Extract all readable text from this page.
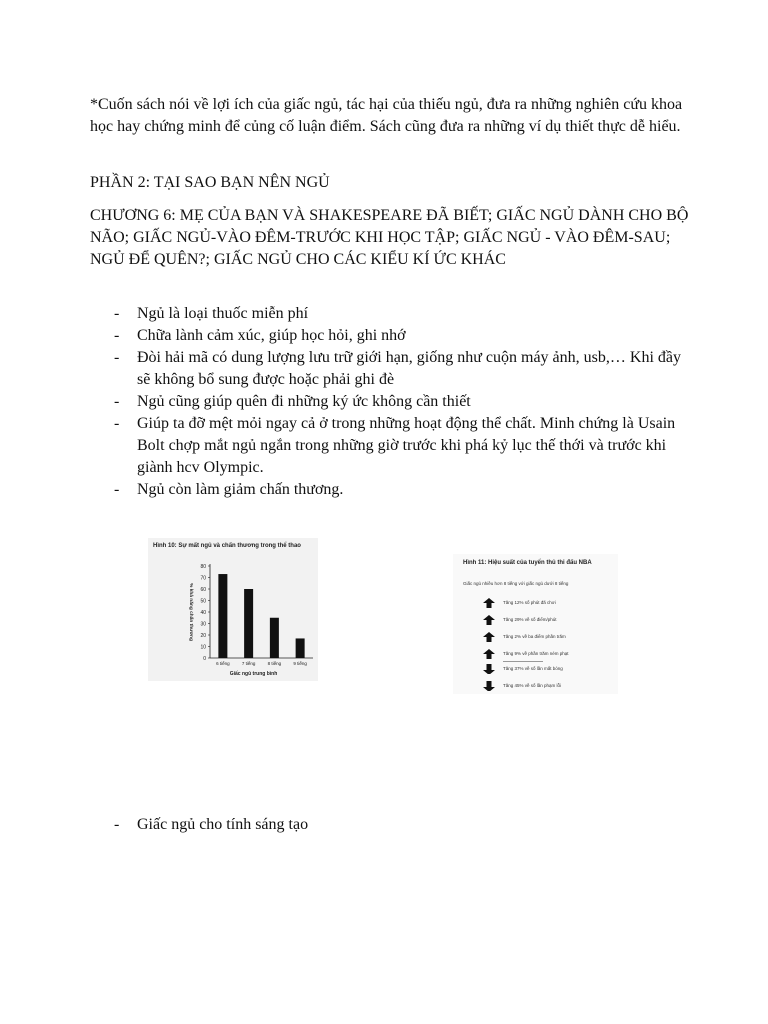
*Cuốn sách nói về lợi ích của giấc ngủ, tác hại của thiếu ngủ, đưa ra những nghiên cứu khoa học hay chứng minh để củng cố luận điểm. Sách cũng đưa ra những ví dụ thiết thực dễ hiểu.

PHẦN 2: TẠI SAO BẠN NÊN NGỦ

CHƯƠNG 6: MẸ CỦA BẠN VÀ SHAKESPEARE ĐÃ BIẾT; GIẤC NGỦ DÀNH CHO BỘ NÃO; GIẤC NGỦ-VÀO ĐÊM-TRƯỚC KHI HỌC TẬP; GIẤC NGỦ - VÀO ĐÊM-SAU; NGỦ ĐỂ QUÊN?; GIẤC NGỦ CHO CÁC KIỂU KÍ ỨC KHÁC

- Ngủ là loại thuốc miễn phí
- Chữa lành cảm xúc, giúp học hỏi, ghi nhớ
- Đòi hải mã có dung lượng lưu trữ giới hạn, giống như cuộn máy ảnh, usb,… Khi đầy sẽ không bổ sung được hoặc phải ghi đè
- Ngủ cũng giúp quên đi những ký ức không cần thiết
- Giúp ta đỡ mệt mỏi ngay cả ở trong những hoạt động thể chất. Minh chứng là Usain Bolt chợp mắt ngủ ngắn trong những giờ trước khi phá kỷ lục thế thới và trước khi giành hcv Olympic.
- Ngủ còn làm giảm chấn thương.
Hình 10: Sự mất ngủ và chấn thương trong thể thao
0
10
20
30
40
50
60
70
80
6 tiếng	7 tiếng	8 tiếng	9 tiếng
Giấc ngủ trung bình
% khả năng chấn thương
Hình 11: Hiệu suất của tuyển thủ thi đấu NBA
Giấc ngủ nhiều hơn 8 tiếng với giấc ngủ dưới 8 tiếng
Tăng 12% số phút đã chơi
Tăng 29% về số điểm/phút
Tăng 2% về ba điểm phần trăm
Tăng 9% về phần trăm ném phạt
Tăng 37% về số lần mất bóng
Tăng 45% về số lần phạm lỗi
- Giấc ngủ cho tính sáng tạo
